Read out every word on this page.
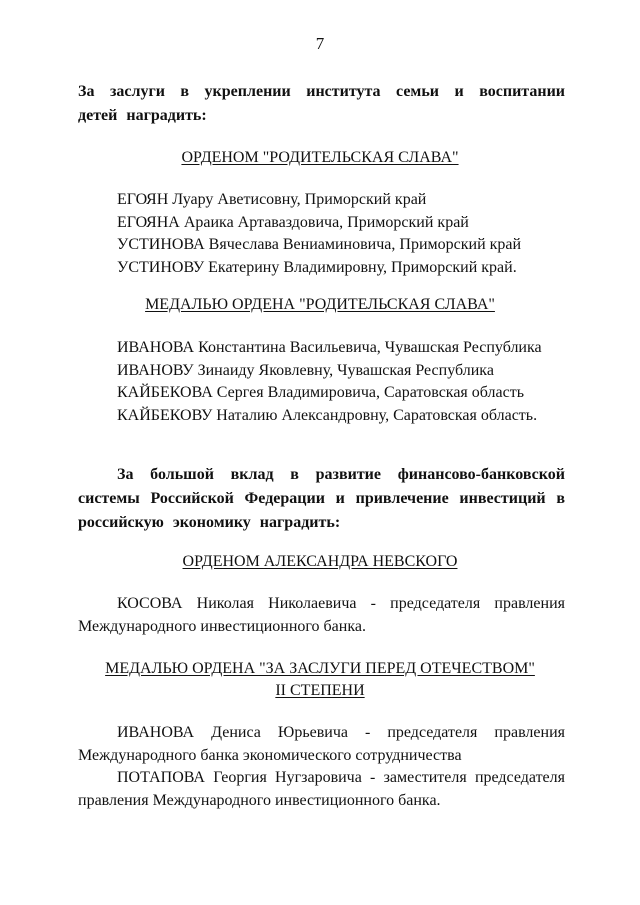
7
За заслуги в укреплении института семьи и воспитании детей наградить:
ОРДЕНОМ "РОДИТЕЛЬСКАЯ СЛАВА"
ЕГОЯН Луару Аветисовну, Приморский край
ЕГОЯНА Араика Артаваздовича, Приморский край
УСТИНОВА Вячеслава Вениаминовича, Приморский край
УСТИНОВУ Екатерину Владимировну, Приморский край.
МЕДАЛЬЮ ОРДЕНА "РОДИТЕЛЬСКАЯ СЛАВА"
ИВАНОВА Константина Васильевича, Чувашская Республика
ИВАНОВУ Зинаиду Яковлевну, Чувашская Республика
КАЙБЕКОВА Сергея Владимировича, Саратовская область
КАЙБЕКОВУ Наталию Александровну, Саратовская область.
За большой вклад в развитие финансово-банковской системы Российской Федерации и привлечение инвестиций в российскую экономику наградить:
ОРДЕНОМ АЛЕКСАНДРА НЕВСКОГО

КОСОВА Николая Николаевича - председателя правления Международного инвестиционного банка.

МЕДАЛЬЮ ОРДЕНА "ЗА ЗАСЛУГИ ПЕРЕД ОТЕЧЕСТВОМ"
II СТЕПЕНИ

ИВАНОВА Дениса Юрьевича - председателя правления Международного банка экономического сотрудничества

ПОТАПОВА Георгия Нугзаровича - заместителя председателя правления Международного инвестиционного банка.
